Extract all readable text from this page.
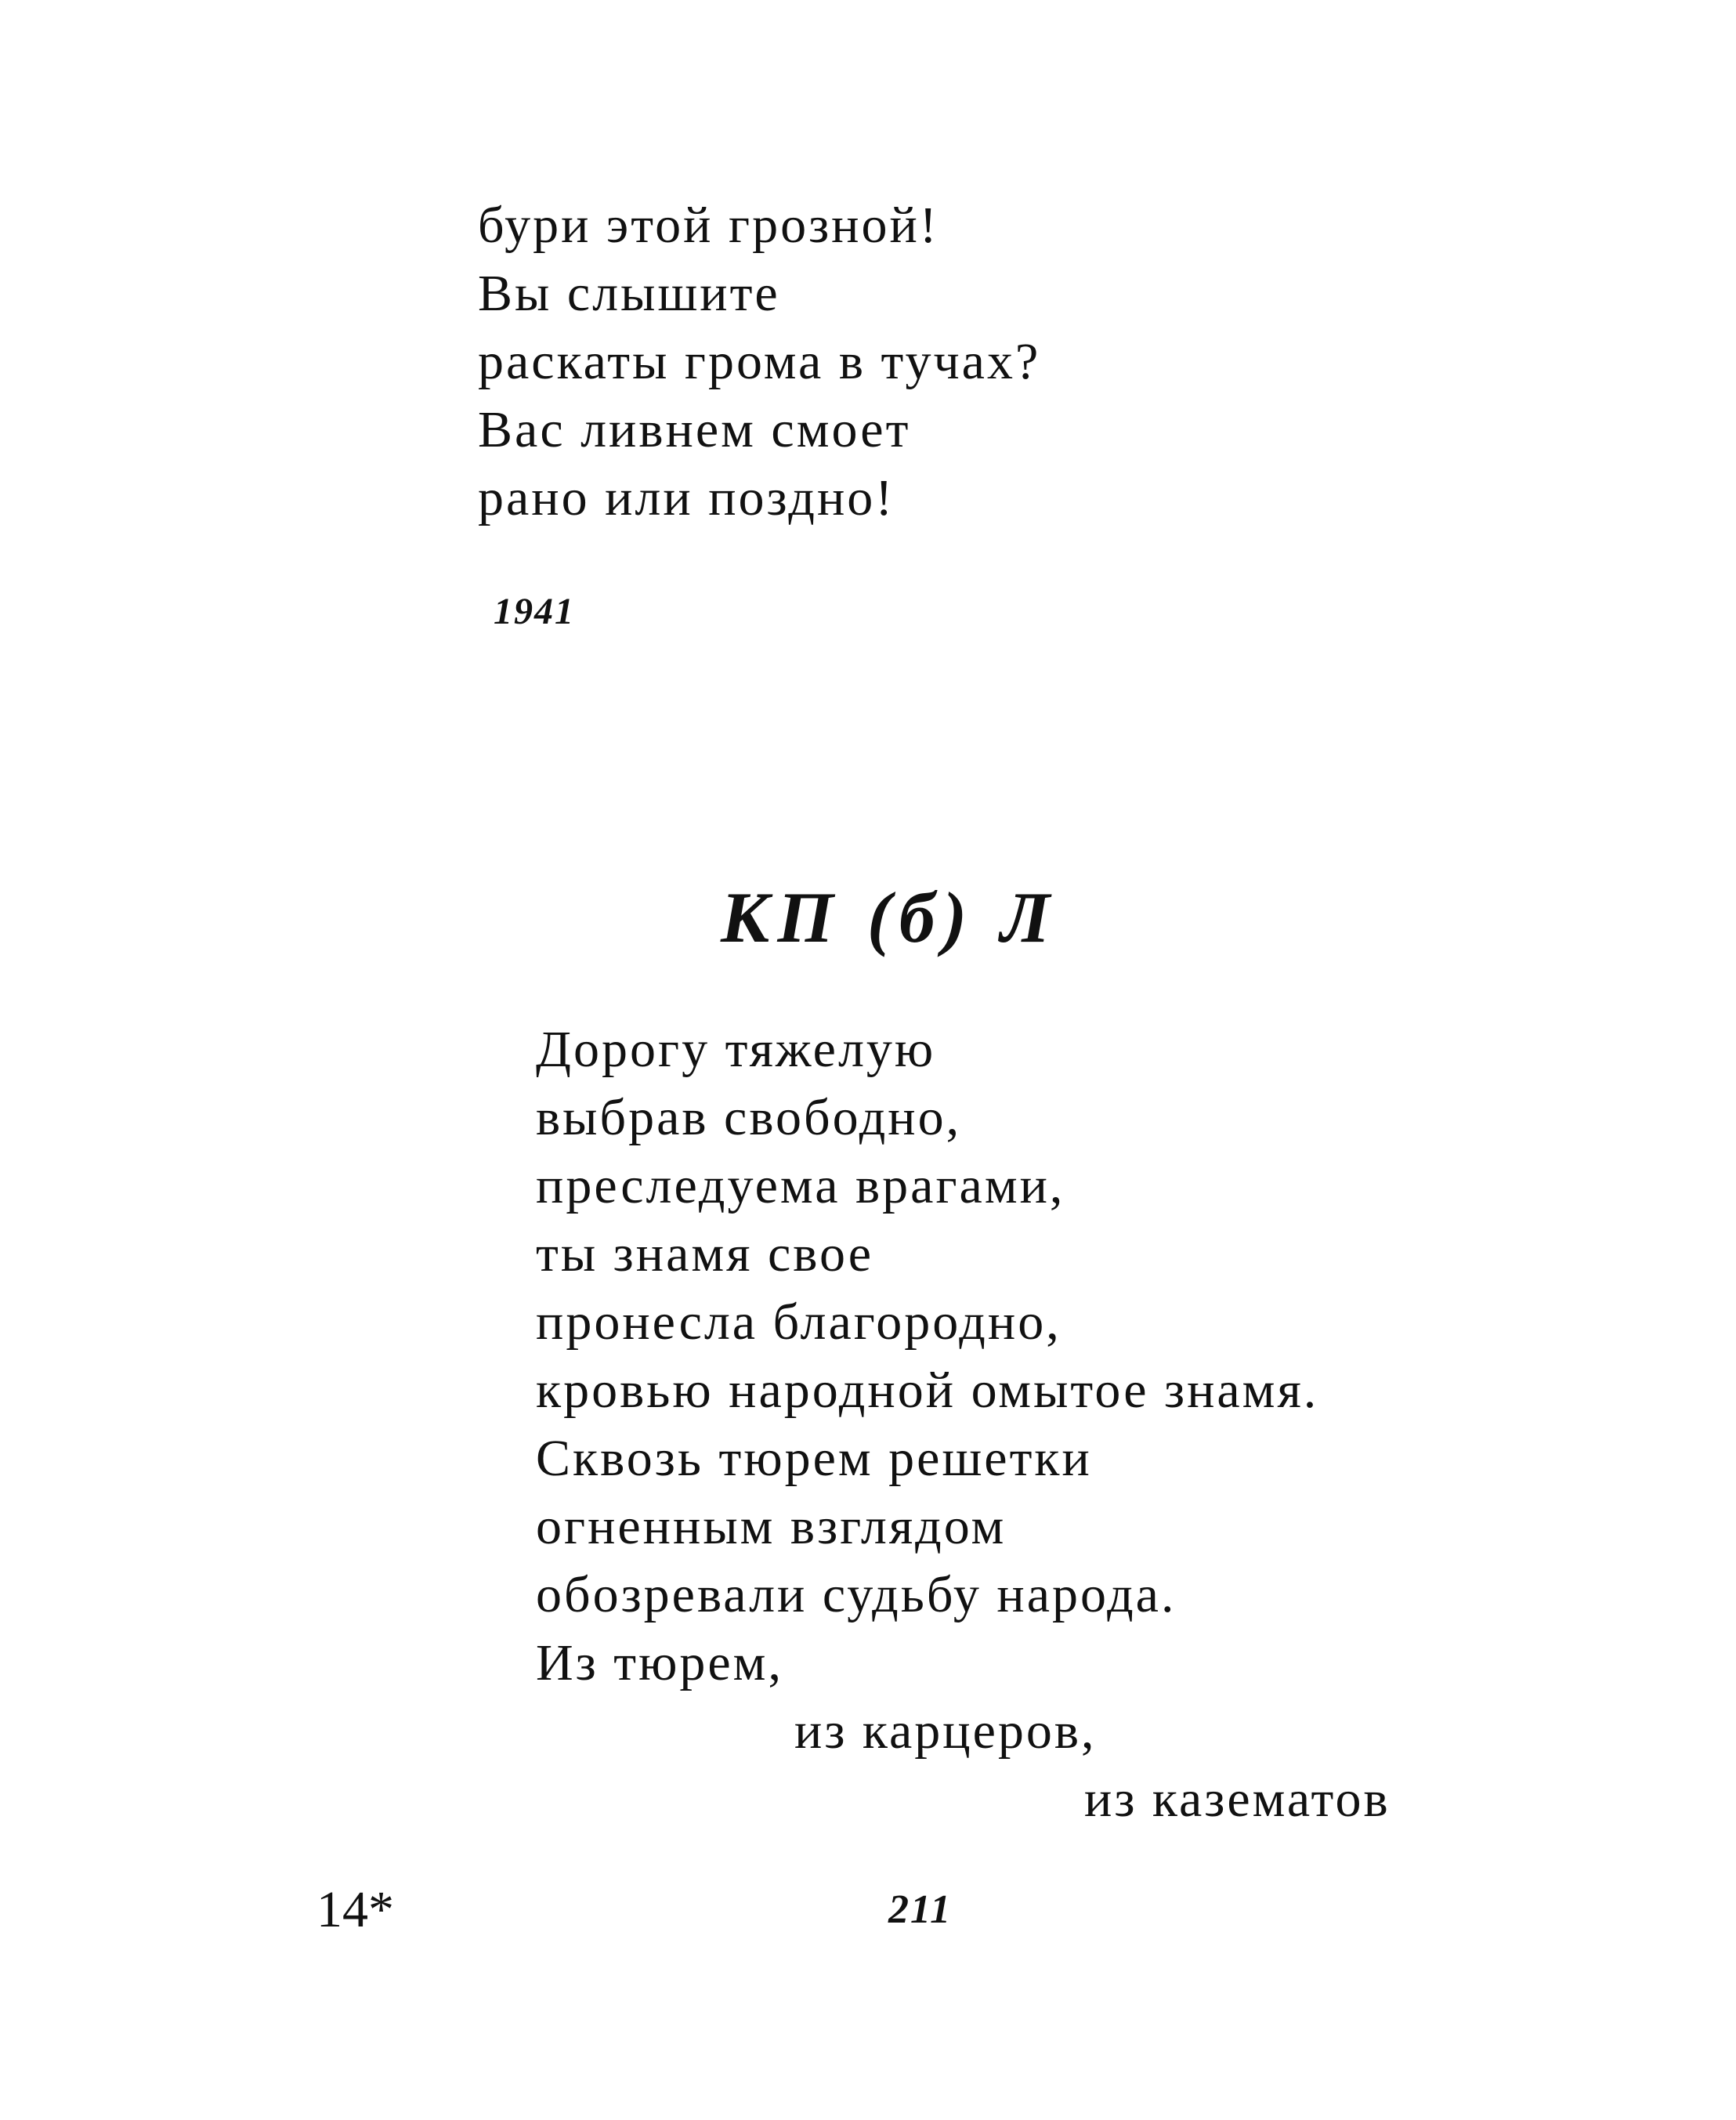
бури этой грозной!
Вы слышите
раскаты грома в тучах?
Вас ливнем смоет
рано или поздно!
1941
КП (б) Л
Дорогу тяжелую
выбрав свободно,
преследуема врагами,
ты знамя свое
пронесла благородно,
кровью народной омытое знамя.
Сквозь тюрем решетки
огненным взглядом
обозревали судьбу народа.
Из тюрем,
из карцеров,
из казематов
14*	211
